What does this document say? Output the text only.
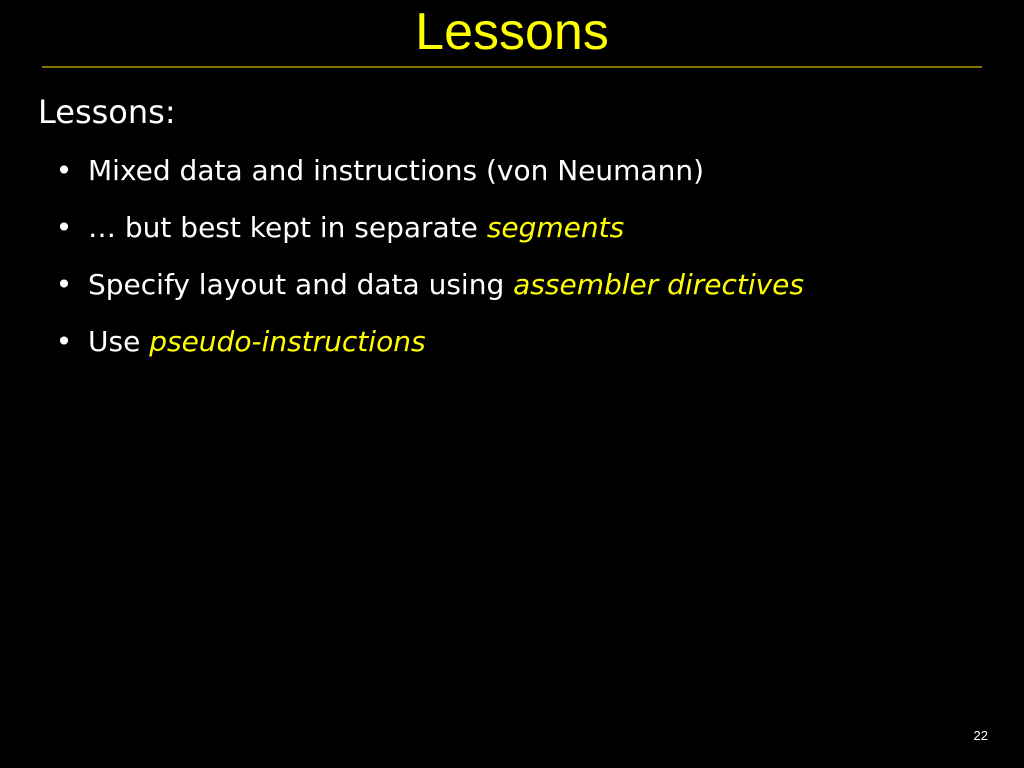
Lessons
Lessons:
• Mixed data and instructions (von Neumann)
• … but best kept in separate segments
• Specify layout and data using assembler directives
• Use pseudo-instructions
22
